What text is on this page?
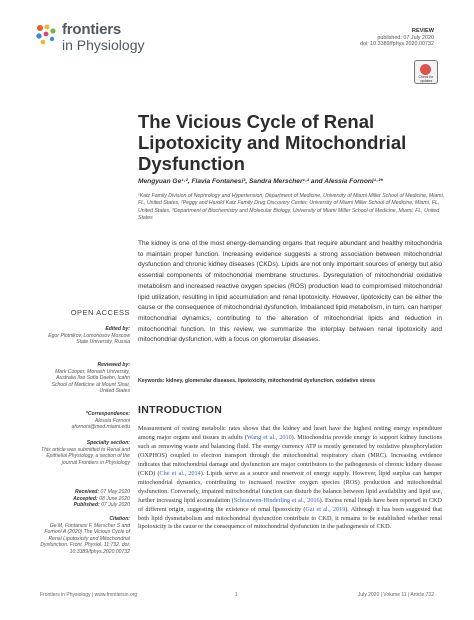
frontiers
in Physiology
REVIEW
published: 07 July 2020
doi: 10.3389/fphys.2020.00732
Check for updates
The Vicious Cycle of Renal Lipotoxicity and Mitochondrial Dysfunction
Mengyuan Ge¹·², Flavia Fontanesi³, Sandra Merscher¹·² and Alessia Fornoni¹·²*
¹Katz Family Division of Nephrology and Hypertension, Department of Medicine, University of Miami Miller School of Medicine, Miami, FL, United States, ²Peggy and Harold Katz Family Drug Discovery Center, University of Miami Miller School of Medicine, Miami, FL, United States, ³Department of Biochemistry and Molecular Biology, University of Miami Miller School of Medicine, Miami, FL, United States
The kidney is one of the most energy-demanding organs that require abundant and healthy mitochondria to maintain proper function. Increasing evidence suggests a strong association between mitochondrial dysfunction and chronic kidney diseases (CKDs). Lipids are not only important sources of energy but also essential components of mitochondrial membrane structures. Dysregulation of mitochondrial oxidative metabolism and increased reactive oxygen species (ROS) production lead to compromised mitochondrial lipid utilization, resulting in lipid accumulation and renal lipotoxicity. However, lipotoxicity can be either the cause or the consequence of mitochondrial dysfunction. Imbalanced lipid metabolism, in turn, can hamper mitochondrial dynamics, contributing to the alteration of mitochondrial lipids and reduction in mitochondrial function. In this review, we summarize the interplay between renal lipotoxicity and mitochondrial dysfunction, with a focus on glomerular diseases.
Keywords: kidney, glomerular diseases, lipotoxicity, mitochondrial dysfunction, oxidative stress
OPEN ACCESS
Edited by:
Egor Plotnikov, Lomonosov Moscow State University, Russia
Reviewed by:
Mark Cooper, Monash University, Australia Ilse Sofia Daehn, Icahn School of Medicine at Mount Sinai, United States
*Correspondence:
Alessia Fornoni afornoni@med.miami.edu
Specialty section:
This article was submitted to Renal and Epithelial Physiology, a section of the journal Frontiers in Physiology
Received: 07 May 2020
Accepted: 08 June 2020
Published: 07 July 2020
Citation:
Ge M, Fontanesi F, Merscher S and Fornoni A (2020) The Vicious Cycle of Renal Lipotoxicity and Mitochondrial Dysfunction. Front. Physiol. 11:732. doi: 10.3389/fphys.2020.00732
INTRODUCTION
Measurement of resting metabolic rates shows that the kidney and heart have the highest resting energy expenditure among major organs and tissues in adults (Wang et al., 2010). Mitochondria provide energy to support kidney functions such as removing waste and balancing fluid. The energy currency ATP is mostly generated by oxidative phosphorylation (OXPHOS) coupled to electron transport through the mitochondrial respiratory chain (MRC). Increasing evidence indicates that mitochondrial damage and dysfunction are major contributors to the pathogenesis of chronic kidney disease (CKD) (Che et al., 2014). Lipids serve as a source and reservoir of energy supply. However, lipid surplus can hamper mitochondrial dynamics, contributing to increased reactive oxygen species (ROS) production and mitochondrial dysfunction. Conversely, impaired mitochondrial function can disturb the balance between lipid availability and lipid use, further increasing lipid accumulation (Schrauwen-Hinderling et al., 2016). Excess renal lipids have been reported in CKD of different origin, suggesting the existence of renal lipotoxicity (Gai et al., 2019). Although it has been suggested that both lipid dysmetabolism and mitochondrial dysfunction contribute to CKD, it remains to be established whether renal lipotoxicity is the cause or the consequence of mitochondrial dysfunction in the pathogenesis of CKD.
Frontiers in Physiology | www.frontiersin.org	1	July 2020 | Volume 11 | Article 732
